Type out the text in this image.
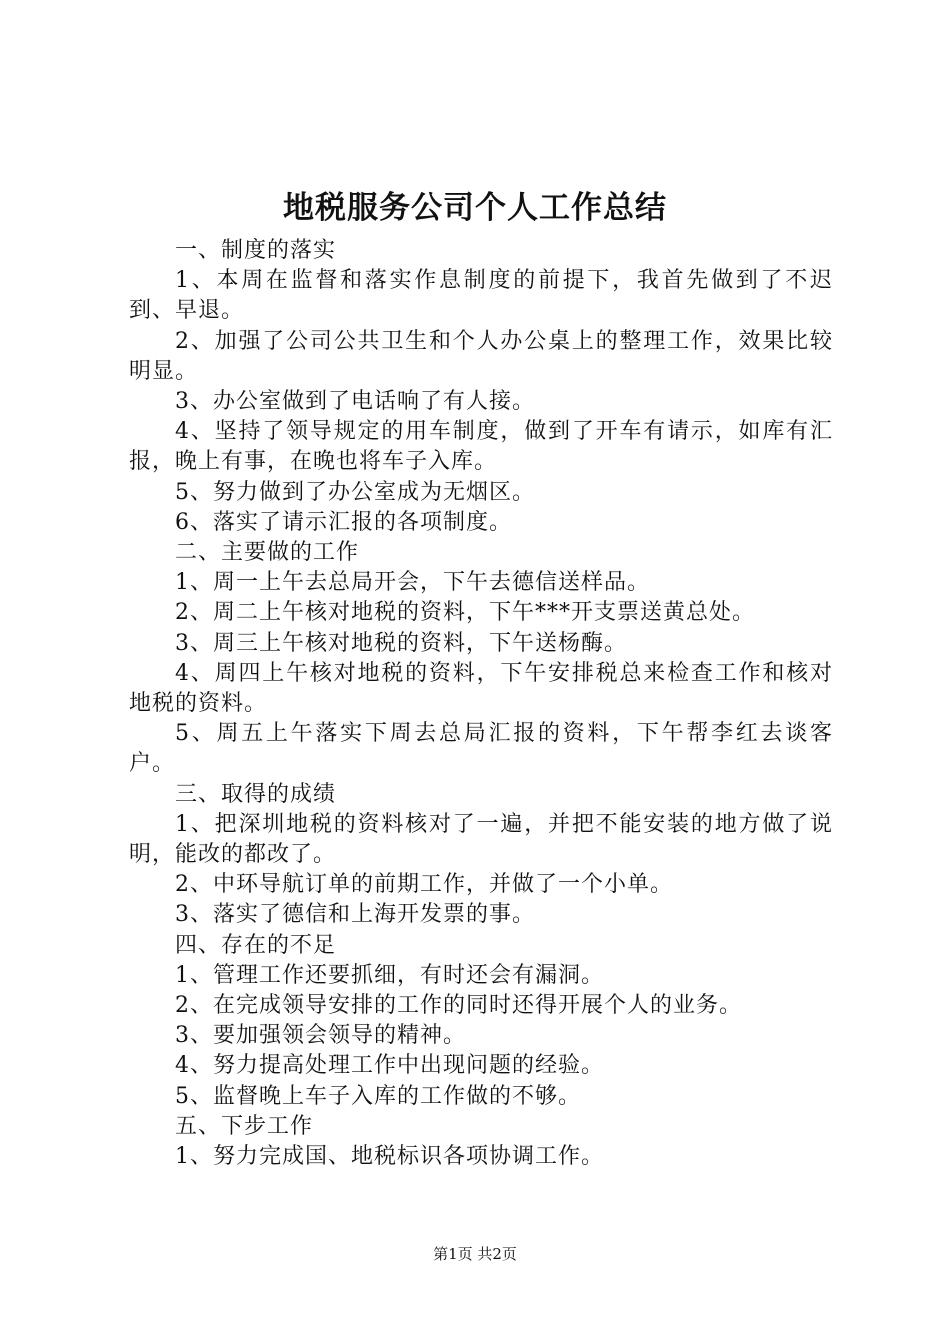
地税服务公司个人工作总结

一、制度的落实

1、本周在监督和落实作息制度的前提下，我首先做到了不迟到、早退。

2、加强了公司公共卫生和个人办公桌上的整理工作，效果比较明显。

3、办公室做到了电话响了有人接。

4、坚持了领导规定的用车制度，做到了开车有请示，如库有汇报，晚上有事，在晚也将车子入库。

5、努力做到了办公室成为无烟区。

6、落实了请示汇报的各项制度。

二、主要做的工作

1、周一上午去总局开会，下午去德信送样品。

2、周二上午核对地税的资料，下午***开支票送黄总处。

3、周三上午核对地税的资料，下午送杨酶。

4、周四上午核对地税的资料，下午安排税总来检查工作和核对地税的资料。

5、周五上午落实下周去总局汇报的资料，下午帮李红去谈客户。

三、取得的成绩

1、把深圳地税的资料核对了一遍，并把不能安装的地方做了说明，能改的都改了。

2、中环导航订单的前期工作，并做了一个小单。

3、落实了德信和上海开发票的事。

四、存在的不足

1、管理工作还要抓细，有时还会有漏洞。

2、在完成领导安排的工作的同时还得开展个人的业务。

3、要加强领会领导的精神。

4、努力提高处理工作中出现问题的经验。

5、监督晚上车子入库的工作做的不够。

五、下步工作

1、努力完成国、地税标识各项协调工作。

第1页 共2页
